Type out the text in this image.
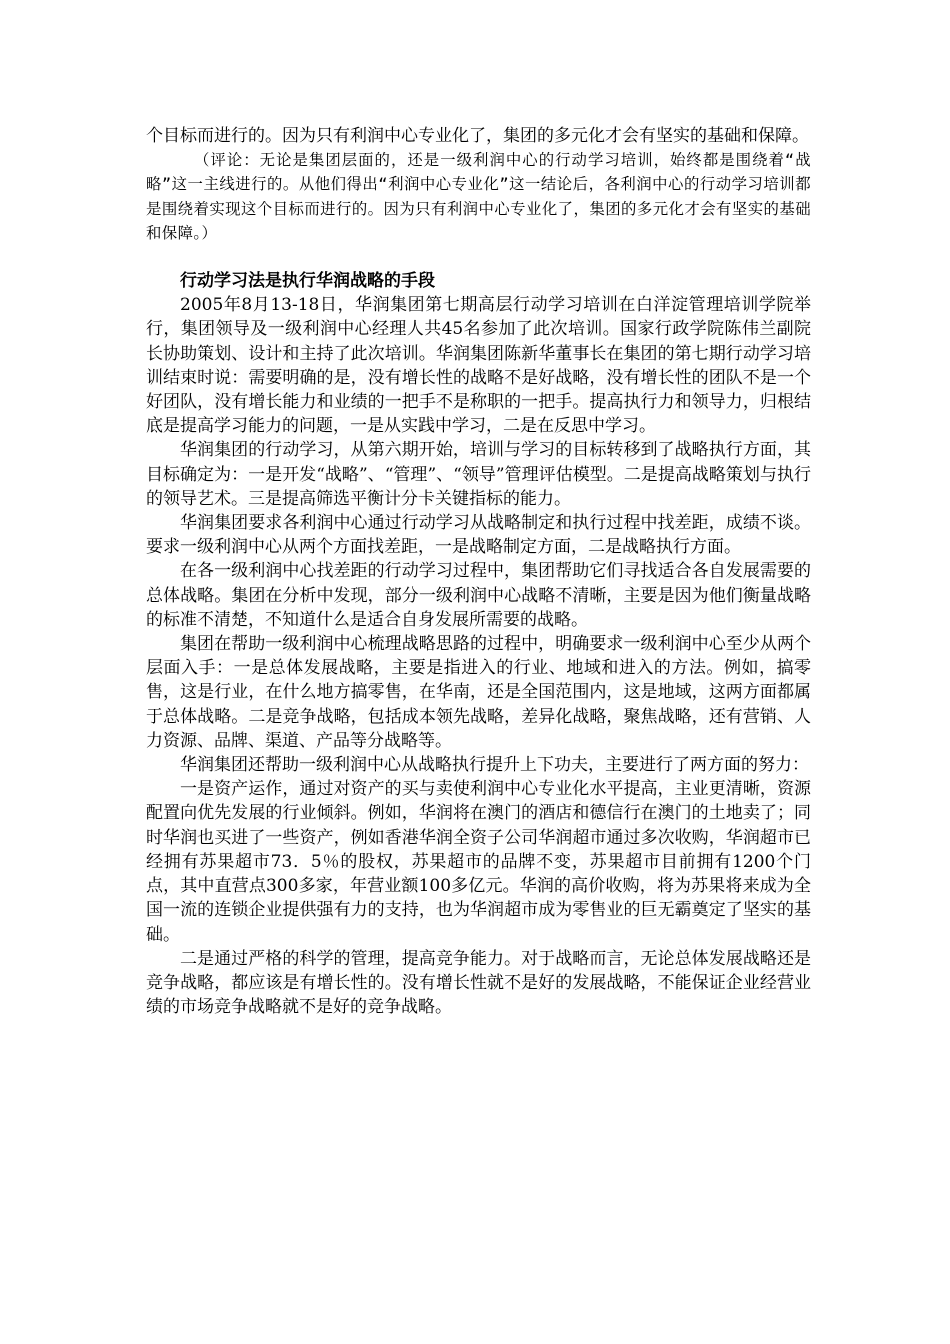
个目标而进行的。因为只有利润中心专业化了，集团的多元化才会有坚实的基础和保障。

（评论：无论是集团层面的，还是一级利润中心的行动学习培训，始终都是围绕着“战略”这一主线进行的。从他们得出“利润中心专业化”这一结论后，各利润中心的行动学习培训都是围绕着实现这个目标而进行的。因为只有利润中心专业化了，集团的多元化才会有坚实的基础和保障。）

行动学习法是执行华润战略的手段

2005年8月13-18日，华润集团第七期高层行动学习培训在白洋淀管理培训学院举行，集团领导及一级利润中心经理人共45名参加了此次培训。国家行政学院陈伟兰副院长协助策划、设计和主持了此次培训。华润集团陈新华董事长在集团的第七期行动学习培训结束时说：需要明确的是，没有增长性的战略不是好战略，没有增长性的团队不是一个好团队，没有增长能力和业绩的一把手不是称职的一把手。提高执行力和领导力，归根结底是提高学习能力的问题，一是从实践中学习，二是在反思中学习。

华润集团的行动学习，从第六期开始，培训与学习的目标转移到了战略执行方面，其目标确定为：一是开发“战略”、“管理”、“领导”管理评估模型。二是提高战略策划与执行的领导艺术。三是提高筛选平衡计分卡关键指标的能力。

华润集团要求各利润中心通过行动学习从战略制定和执行过程中找差距，成绩不谈。要求一级利润中心从两个方面找差距，一是战略制定方面，二是战略执行方面。

在各一级利润中心找差距的行动学习过程中，集团帮助它们寻找适合各自发展需要的总体战略。集团在分析中发现，部分一级利润中心战略不清晰，主要是因为他们衡量战略的标准不清楚，不知道什么是适合自身发展所需要的战略。

集团在帮助一级利润中心梳理战略思路的过程中，明确要求一级利润中心至少从两个层面入手：一是总体发展战略，主要是指进入的行业、地域和进入的方法。例如，搞零售，这是行业，在什么地方搞零售，在华南，还是全国范围内，这是地域，这两方面都属于总体战略。二是竞争战略，包括成本领先战略，差异化战略，聚焦战略，还有营销、人力资源、品牌、渠道、产品等分战略等。

华润集团还帮助一级利润中心从战略执行提升上下功夫，主要进行了两方面的努力：

一是资产运作，通过对资产的买与卖使利润中心专业化水平提高，主业更清晰，资源配置向优先发展的行业倾斜。例如，华润将在澳门的酒店和德信行在澳门的土地卖了；同时华润也买进了一些资产，例如香港华润全资子公司华润超市通过多次收购，华润超市已经拥有苏果超市73．5％的股权，苏果超市的品牌不变，苏果超市目前拥有1200个门点，其中直营点300多家，年营业额100多亿元。华润的高价收购，将为苏果将来成为全国一流的连锁企业提供强有力的支持，也为华润超市成为零售业的巨无霸奠定了坚实的基础。

二是通过严格的科学的管理，提高竞争能力。对于战略而言，无论总体发展战略还是竞争战略，都应该是有增长性的。没有增长性就不是好的发展战略，不能保证企业经营业绩的市场竞争战略就不是好的竞争战略。
